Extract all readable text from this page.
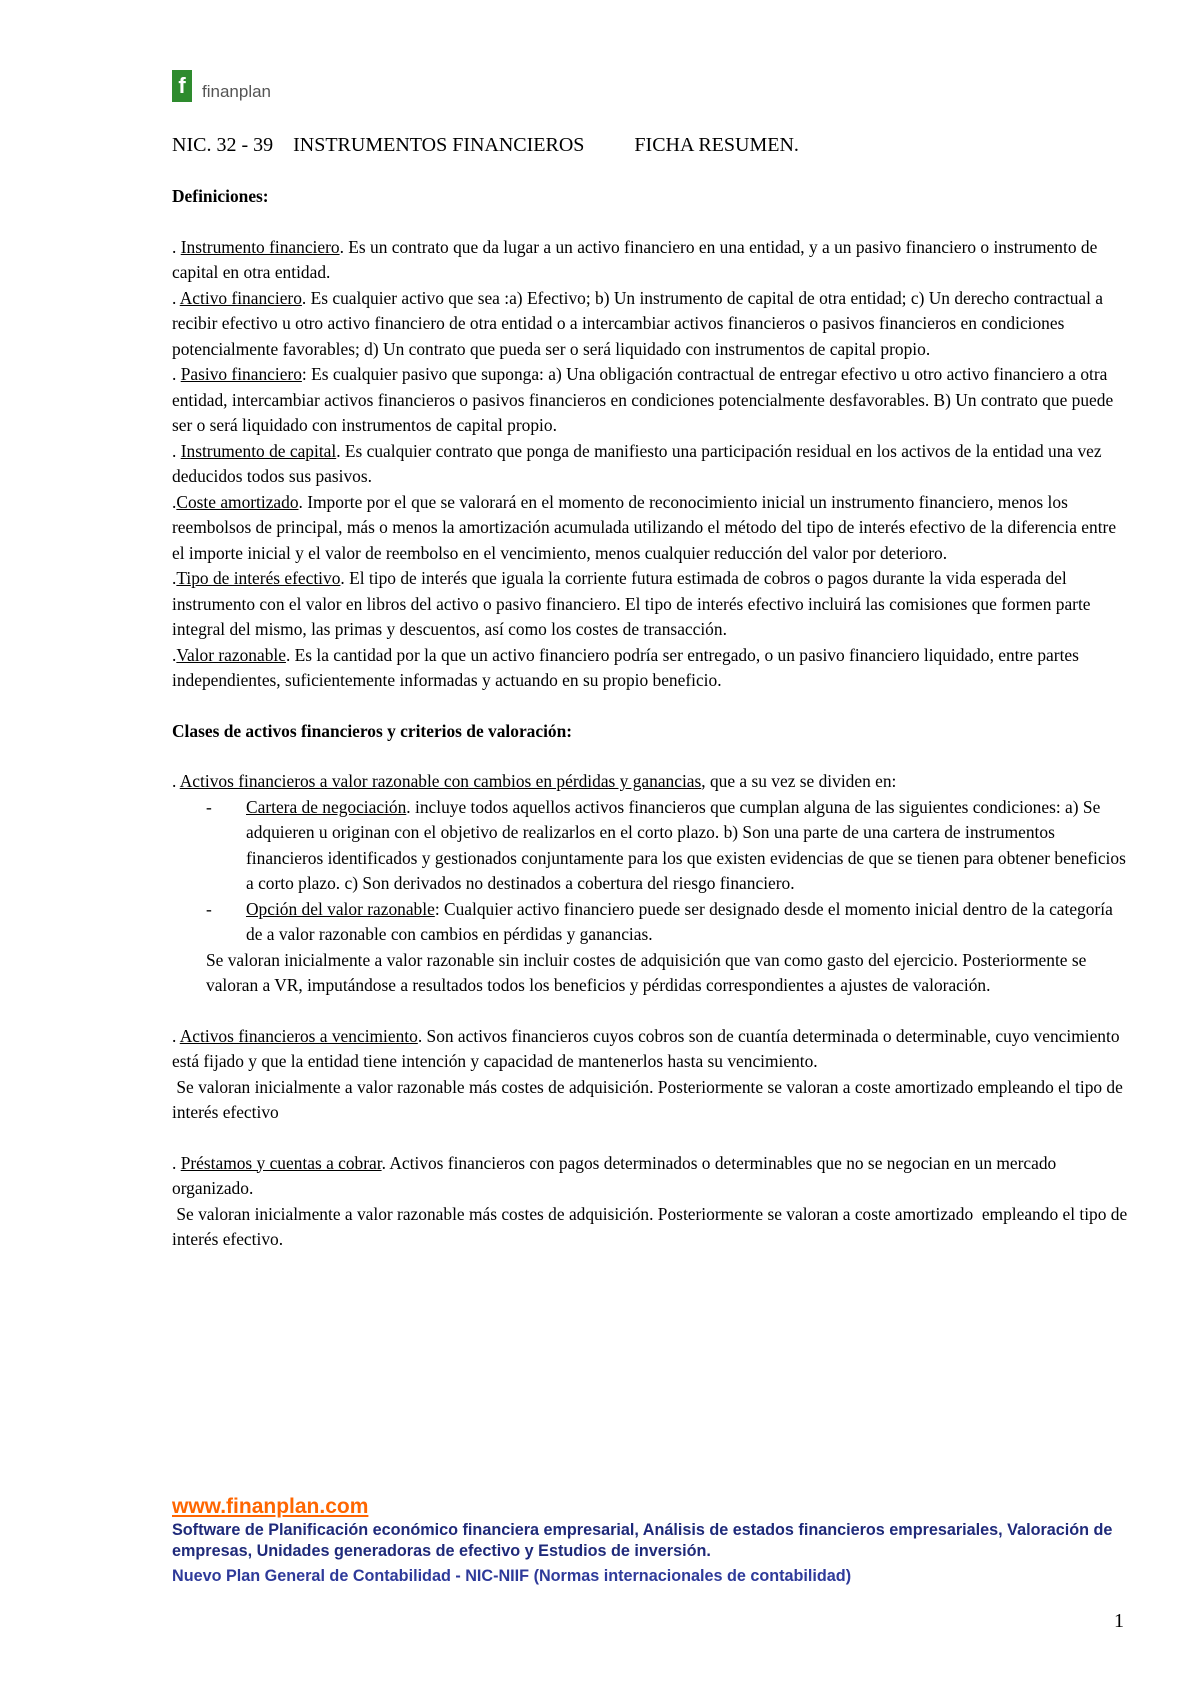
f finanplan
NIC. 32 - 39    INSTRUMENTOS FINANCIEROS          FICHA RESUMEN.

Definiciones:

. Instrumento financiero. Es un contrato que da lugar a un activo financiero en una entidad, y a un pasivo financiero o instrumento de capital en otra entidad.

. Activo financiero. Es cualquier activo que sea :a) Efectivo; b) Un instrumento de capital de otra entidad; c) Un derecho contractual a recibir efectivo u otro activo financiero de otra entidad o a intercambiar activos financieros o pasivos financieros en condiciones potencialmente favorables; d) Un contrato que pueda ser o será liquidado con instrumentos de capital propio.

. Pasivo financiero: Es cualquier pasivo que suponga: a) Una obligación contractual de entregar efectivo u otro activo financiero a otra entidad, intercambiar activos financieros o pasivos financieros en condiciones potencialmente desfavorables. B) Un contrato que puede ser o será liquidado con instrumentos de capital propio.

. Instrumento de capital. Es cualquier contrato que ponga de manifiesto una participación residual en los activos de la entidad una vez deducidos todos sus pasivos.

.Coste amortizado. Importe por el que se valorará en el momento de reconocimiento inicial un instrumento financiero, menos los reembolsos de principal, más o menos la amortización acumulada utilizando el método del tipo de interés efectivo de la diferencia entre el importe inicial y el valor de reembolso en el vencimiento, menos cualquier reducción del valor por deterioro.

.Tipo de interés efectivo. El tipo de interés que iguala la corriente futura estimada de cobros o pagos durante la vida esperada del instrumento con el valor en libros del activo o pasivo financiero. El tipo de interés efectivo incluirá las comisiones que formen parte integral del mismo, las primas y descuentos, así como los costes de transacción.

.Valor razonable. Es la cantidad por la que un activo financiero podría ser entregado, o un pasivo financiero liquidado, entre partes independientes, suficientemente informadas y actuando en su propio beneficio.

Clases de activos financieros y criterios de valoración:

. Activos financieros a valor razonable con cambios en pérdidas y ganancias, que a su vez se dividen en:

- Cartera de negociación. incluye todos aquellos activos financieros que cumplan alguna de las siguientes condiciones: a) Se adquieren u originan con el objetivo de realizarlos en el corto plazo. b) Son una parte de una cartera de instrumentos financieros identificados y gestionados conjuntamente para los que existen evidencias de que se tienen para obtener beneficios a corto plazo. c) Son derivados no destinados a cobertura del riesgo financiero.
- Opción del valor razonable: Cualquier activo financiero puede ser designado desde el momento inicial dentro de la categoría de a valor razonable con cambios en pérdidas y ganancias.

Se valoran inicialmente a valor razonable sin incluir costes de adquisición que van como gasto del ejercicio. Posteriormente se valoran a VR, imputándose a resultados todos los beneficios y pérdidas correspondientes a ajustes de valoración.

. Activos financieros a vencimiento. Son activos financieros cuyos cobros son de cuantía determinada o determinable, cuyo vencimiento está fijado y que la entidad tiene intención y capacidad de mantenerlos hasta su vencimiento.

Se valoran inicialmente a valor razonable más costes de adquisición. Posteriormente se valoran a coste amortizado empleando el tipo de interés efectivo

. Préstamos y cuentas a cobrar. Activos financieros con pagos determinados o determinables que no se negocian en un mercado organizado.

Se valoran inicialmente a valor razonable más costes de adquisición. Posteriormente se valoran a coste amortizado  empleando el tipo de interés efectivo.

www.finanplan.com
Software de Planificación económico financiera empresarial, Análisis de estados financieros empresariales, Valoración de empresas, Unidades generadoras de efectivo y Estudios de inversión.
Nuevo Plan General de Contabilidad - NIC-NIIF (Normas internacionales de contabilidad)
1
